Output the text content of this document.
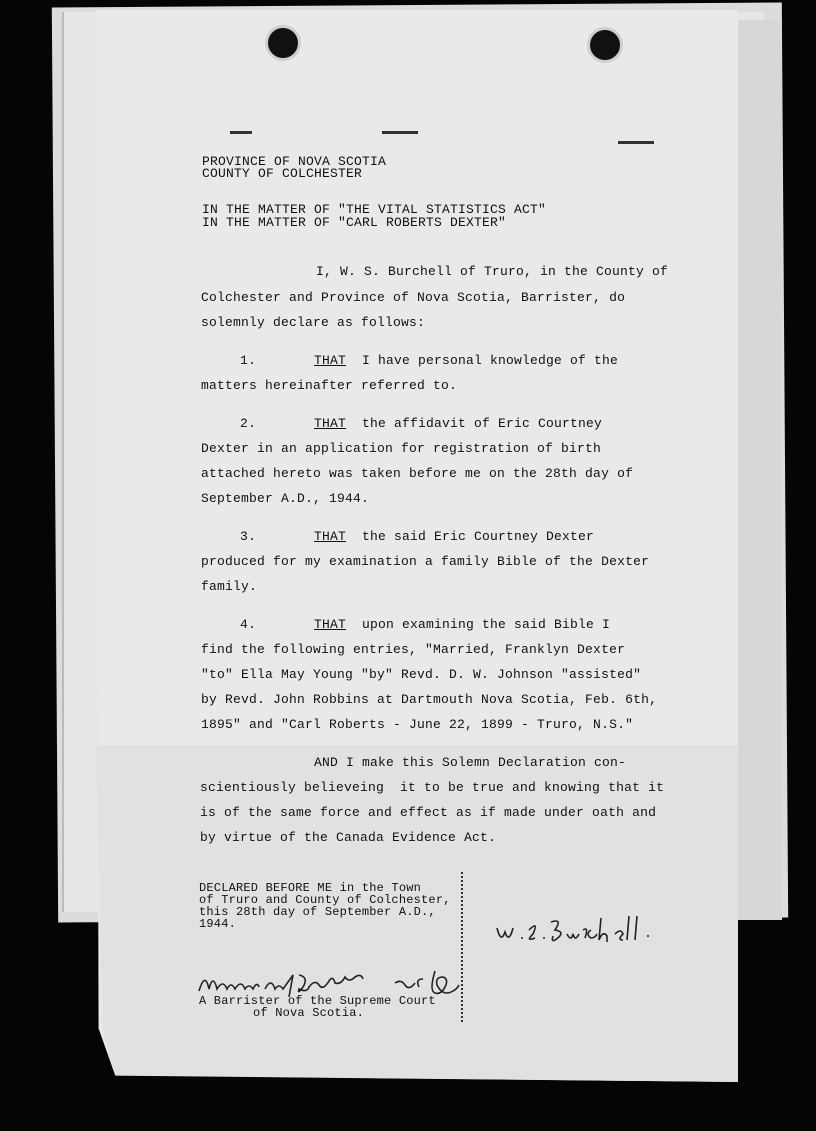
PROVINCE OF NOVA SCOTIA
COUNTY OF COLCHESTER
IN THE MATTER OF "THE VITAL STATISTICS ACT"
IN THE MATTER OF "CARL ROBERTS DEXTER"
I, W. S. Burchell of Truro, in the County of
Colchester and Province of Nova Scotia, Barrister, do
solemnly declare as follows:
1.	THAT I have personal knowledge of the
matters hereinafter referred to.
2.	THAT the affidavit of Eric Courtney
Dexter in an application for registration of birth
attached hereto was taken before me on the 28th day of
September A.D., 1944.
3.	THAT the said Eric Courtney Dexter
produced for my examination a family Bible of the Dexter
family.
4.	THAT upon examining the said Bible I
find the following entries, "Married, Franklyn Dexter
"to" Ella May Young "by" Revd. D. W. Johnson "assisted"
by Revd. John Robbins at Dartmouth Nova Scotia, Feb. 6th,
1895" and "Carl Roberts - June 22, 1899 - Truro, N.S."
AND I make this Solemn Declaration con-
scientiously believeing  it to be true and knowing that it
is of the same force and effect as if made under oath and
by virtue of the Canada Evidence Act.
DECLARED BEFORE ME in the Town
of Truro and County of Colchester,
this 28th day of September A.D.,
1944.
A Barrister of the Supreme Court
of Nova Scotia.
